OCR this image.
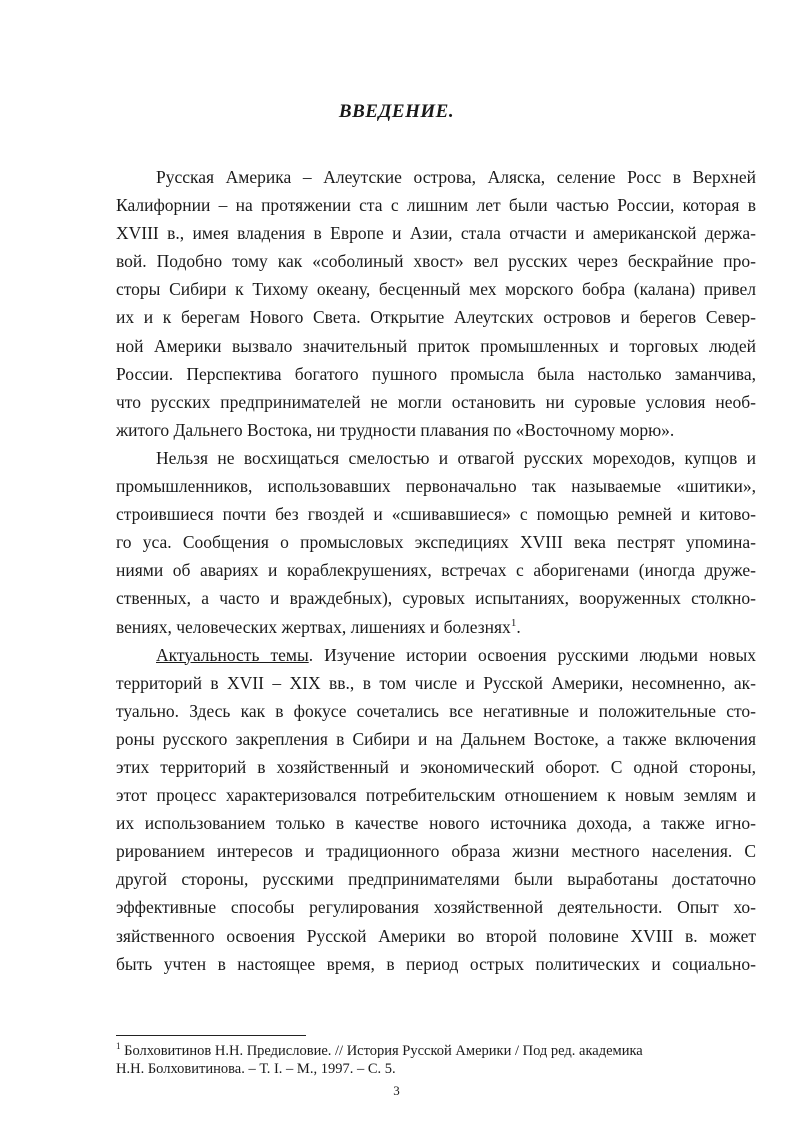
ВВЕДЕНИЕ.
Русская Америка – Алеутские острова, Аляска, селение Росс в Верхней
Калифорнии – на протяжении ста с лишним лет были частью России, которая в
XVIII в., имея владения в Европе и Азии, стала отчасти и американской держа-
вой. Подобно тому как «соболиный хвост» вел русских через бескрайние про-
сторы Сибири к Тихому океану, бесценный мех морского бобра (калана) привел
их и к берегам Нового Света. Открытие Алеутских островов и берегов Север-
ной Америки вызвало значительный приток промышленных и торговых людей
России. Перспектива богатого пушного промысла была настолько заманчива,
что русских предпринимателей не могли остановить ни суровые условия необ-
житого Дальнего Востока, ни трудности плавания по «Восточному морю».
Нельзя не восхищаться смелостью и отвагой русских мореходов, купцов и
промышленников, использовавших первоначально так называемые «шитики»,
строившиеся почти без гвоздей и «сшивавшиеся» с помощью ремней и китово-
го уса. Сообщения о промысловых экспедициях XVIII века пестрят упомина-
ниями об авариях и кораблекрушениях, встречах с аборигенами (иногда друже-
ственных, а часто и враждебных), суровых испытаниях, вооруженных столкно-
вениях, человеческих жертвах, лишениях и болезнях$^1$.
Актуальность темы. Изучение истории освоения русскими людьми новых
территорий в XVII – XIX вв., в том числе и Русской Америки, несомненно, ак-
туально. Здесь как в фокусе сочетались все негативные и положительные сто-
роны русского закрепления в Сибири и на Дальнем Востоке, а также включения
этих территорий в хозяйственный и экономический оборот. С одной стороны,
этот процесс характеризовался потребительским отношением к новым землям и
их использованием только в качестве нового источника дохода, а также игно-
рированием интересов и традиционного образа жизни местного населения. С
другой стороны, русскими предпринимателями были выработаны достаточно
эффективные способы регулирования хозяйственной деятельности. Опыт хо-
зяйственного освоения Русской Америки во второй половине XVIII в. может
быть учтен в настоящее время, в период острых политических и социально-
$^1$ Болховитинов Н.Н. Предисловие. // История Русской Америки / Под ред. академика
Н.Н. Болховитинова. – Т. I. – М., 1997. – С. 5.
3
